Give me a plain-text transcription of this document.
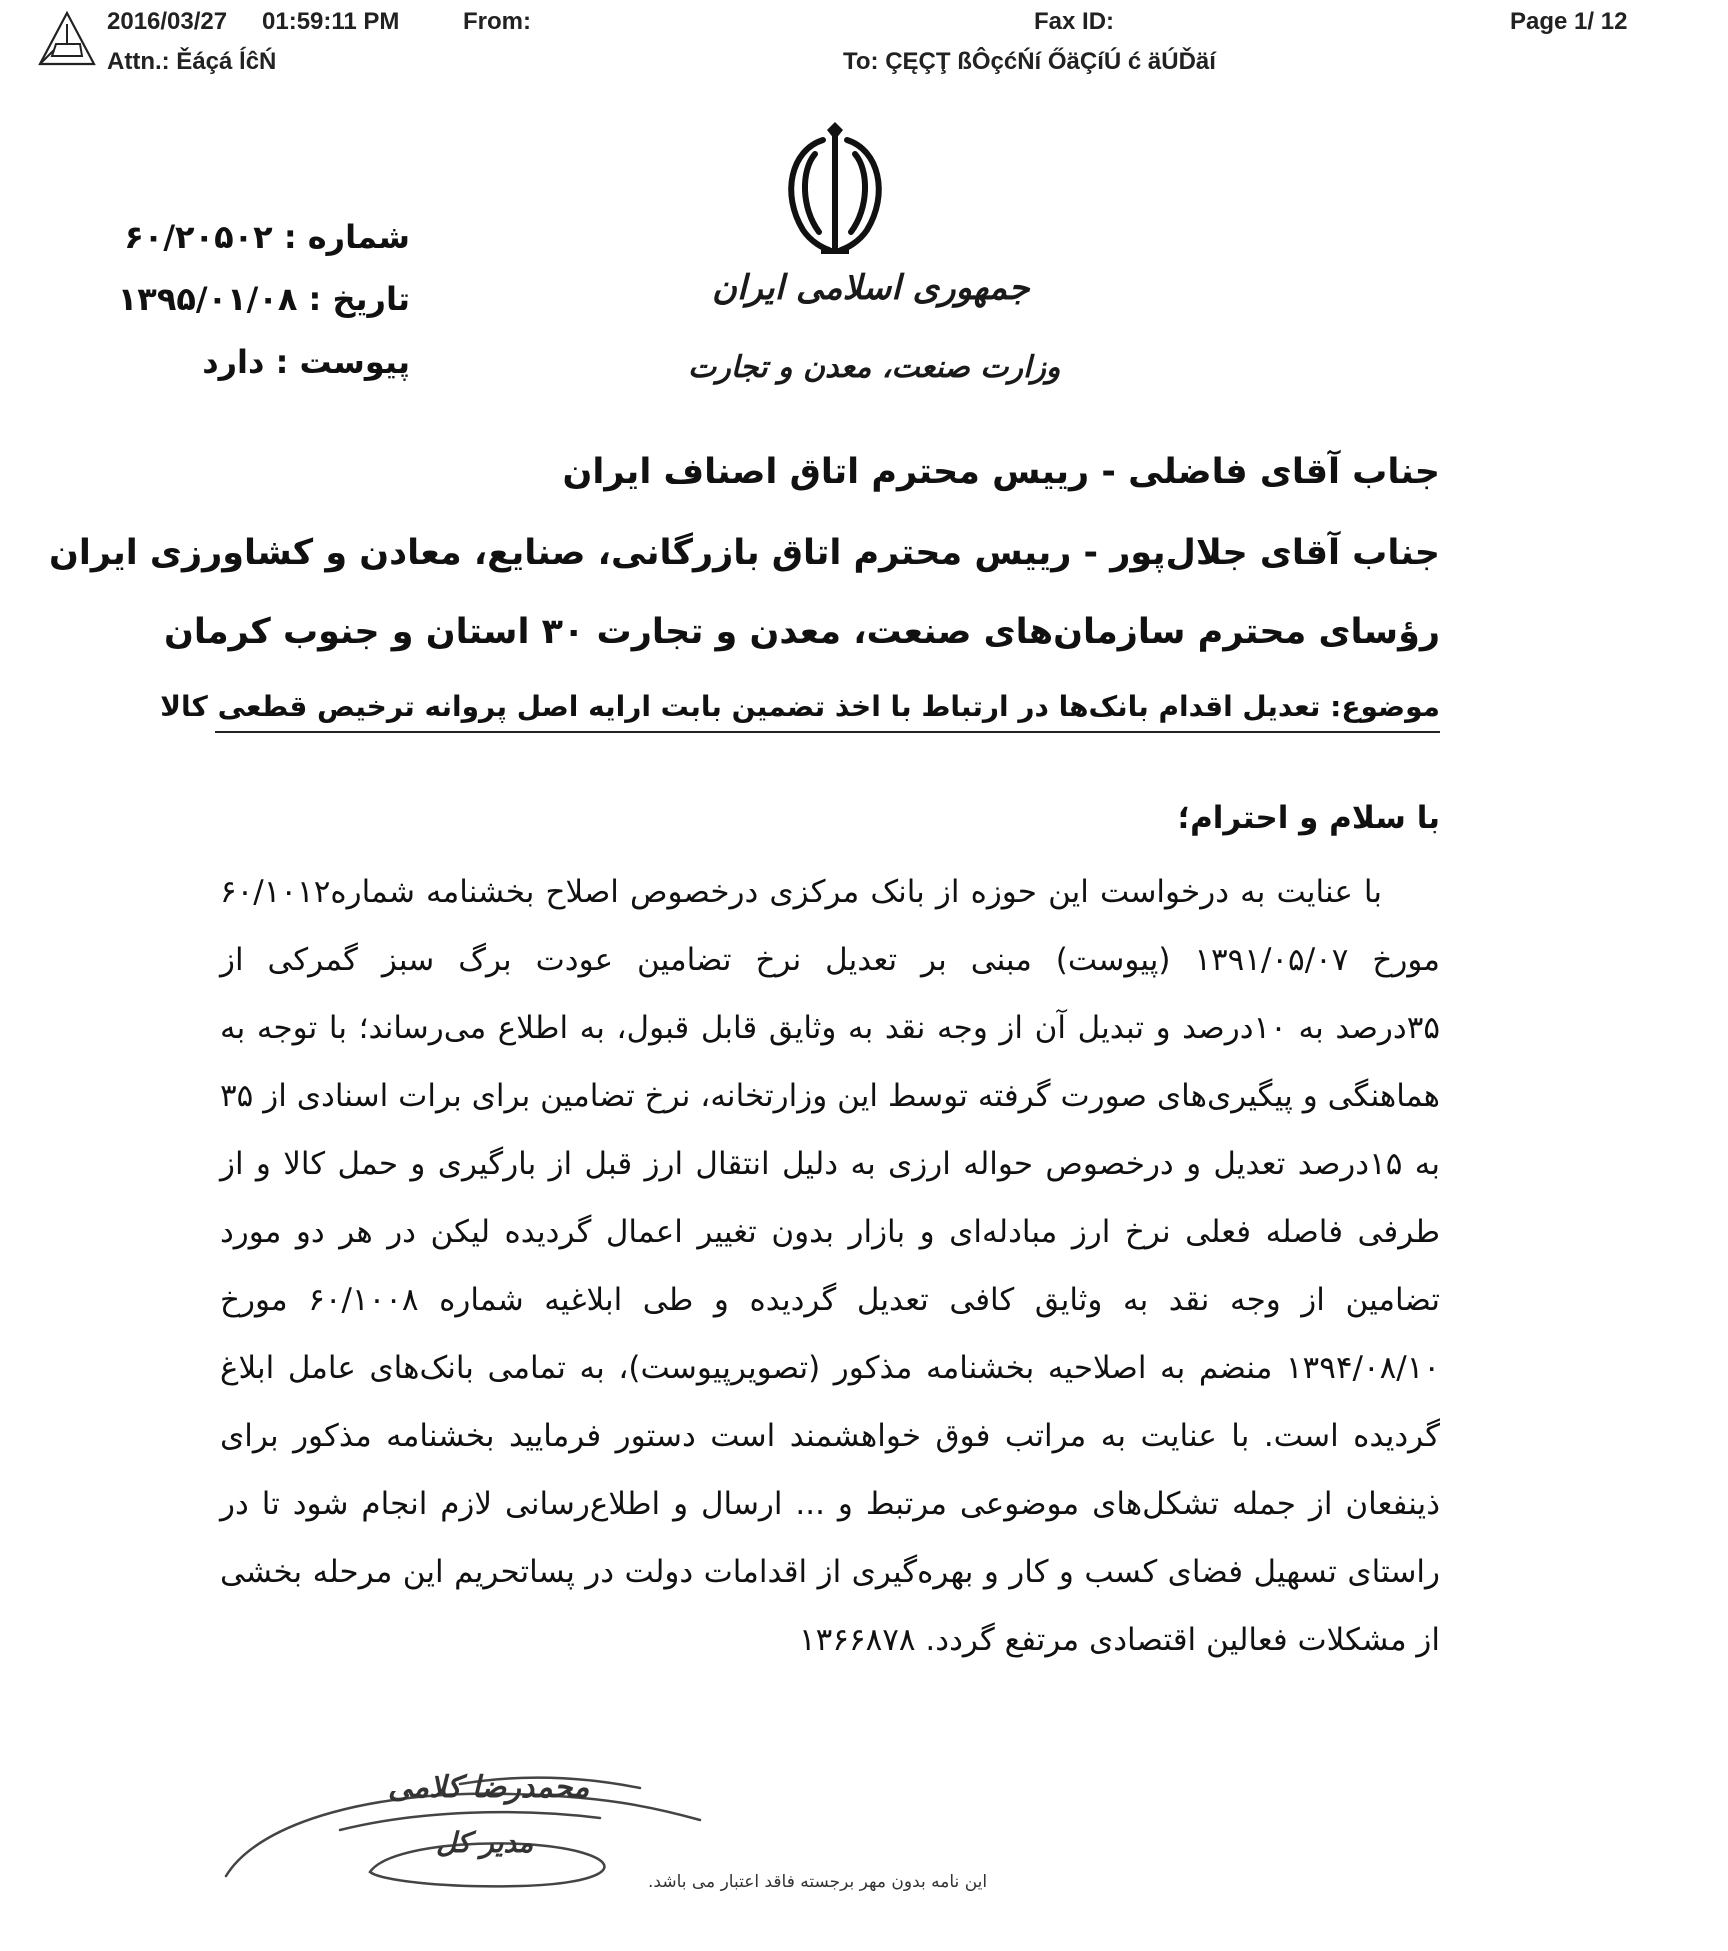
2016/03/27 01:59:11 PM	From:	Fax ID:	Page 1/ 12
Attn.: Ěáçá ĺĉŃ	To: ÇĘÇŢ ßÔçćŃí ŐäÇíÚ ć äÚĎäí
جمهوری اسلامی ایران
وزارت صنعت، معدن و تجارت
شماره : ۶۰/۲۰۵۰۲
تاریخ : ۱۳۹۵/۰۱/۰۸
پیوست : دارد
جناب آقای فاضلی - رییس محترم اتاق اصناف ایران
جناب آقای جلال‌پور - رییس محترم اتاق بازرگانی، صنایع، معادن و کشاورزی ایران
رؤسای محترم سازمان‌های صنعت، معدن و تجارت ۳۰ استان و جنوب کرمان
موضوع: تعدیل اقدام بانک‌ها در ارتباط با اخذ تضمین بابت ارایه اصل پروانه ترخیص قطعی کالا
با سلام و احترام؛
با عنایت به درخواست این حوزه از بانک مرکزی درخصوص اصلاح بخشنامه شماره۶۰/۱۰۱۲
مورخ ۱۳۹۱/۰۵/۰۷ (پیوست) مبنی بر تعدیل نرخ تضامین عودت برگ سبز گمرکی از
۳۵درصد به ۱۰درصد و تبدیل آن از وجه نقد به وثایق قابل قبول، به اطلاع می‌رساند؛ با توجه به
هماهنگی و پیگیری‌های صورت گرفته توسط این وزارتخانه، نرخ تضامین برای برات اسنادی از ۳۵
به ۱۵درصد تعدیل و درخصوص حواله ارزی به دلیل انتقال ارز قبل از بارگیری و حمل کالا و از
طرفی فاصله فعلی نرخ ارز مبادله‌ای و بازار بدون تغییر اعمال گردیده لیکن در هر دو مورد
تضامین از وجه نقد به وثایق کافی تعدیل گردیده و طی ابلاغیه شماره ۶۰/۱۰۰۸ مورخ
۱۳۹۴/۰۸/۱۰ منضم به اصلاحیه بخشنامه مذکور (تصویرپیوست)، به تمامی بانک‌های عامل ابلاغ
گردیده است. با عنایت به مراتب فوق خواهشمند است دستور فرمایید بخشنامه مذکور برای
ذینفعان از جمله تشکل‌های موضوعی مرتبط و ... ارسال و اطلاع‌رسانی لازم انجام شود تا در
راستای تسهیل فضای کسب و کار و بهره‌گیری از اقدامات دولت در پساتحریم این مرحله بخشی
از مشکلات فعالین اقتصادی مرتفع گردد. ۱۳۶۶۸۷۸
محمدرضا کلامی
مدیر کل
این نامه بدون مهر برجسته فاقد اعتبار می باشد.
